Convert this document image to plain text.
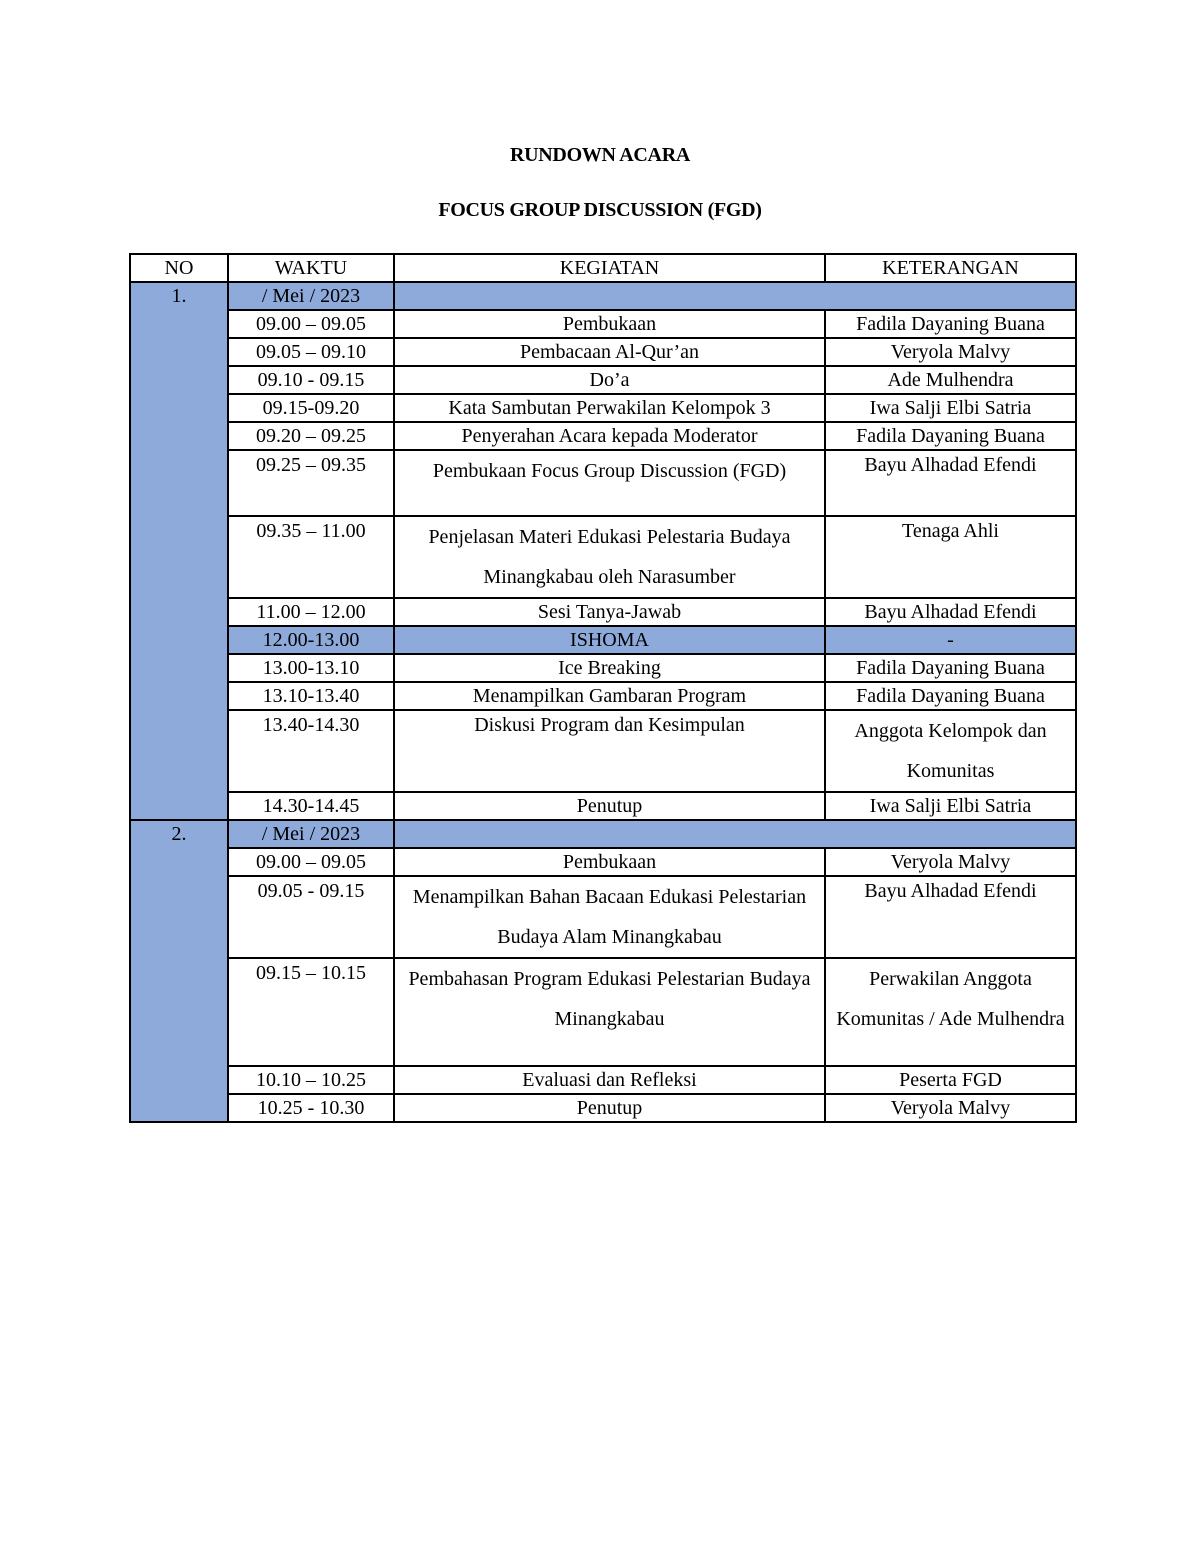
RUNDOWN ACARA
FOCUS GROUP DISCUSSION (FGD)
NO	WAKTU	KEGIATAN	KETERANGAN

1.	/ Mei / 2023		

	09.00 – 09.05	Pembukaan	Fadila Dayaning Buana

	09.05 – 09.10	Pembacaan Al-Qur’an	Veryola Malvy

	09.10 - 09.15	Do’a	Ade Mulhendra

	09.15-09.20	Kata Sambutan Perwakilan Kelompok 3	Iwa Salji Elbi Satria

	09.20 – 09.25	Penyerahan Acara kepada Moderator	Fadila Dayaning Buana

	09.25 – 09.35	Pembukaan Focus Group Discussion (FGD)	Bayu Alhadad Efendi

	09.35 – 11.00	Penjelasan Materi Edukasi Pelestaria Budaya Minangkabau oleh Narasumber	Tenaga Ahli

	11.00 – 12.00	Sesi Tanya-Jawab	Bayu Alhadad Efendi

	12.00-13.00	ISHOMA	-

	13.00-13.10	Ice Breaking	Fadila Dayaning Buana

	13.10-13.40	Menampilkan Gambaran Program	Fadila Dayaning Buana

	13.40-14.30	Diskusi Program dan Kesimpulan	Anggota Kelompok dan Komunitas

	14.30-14.45	Penutup	Iwa Salji Elbi Satria

2.	/ Mei / 2023		

	09.00 – 09.05	Pembukaan	Veryola Malvy

	09.05 - 09.15	Menampilkan Bahan Bacaan Edukasi Pelestarian Budaya Alam Minangkabau	Bayu Alhadad Efendi

	09.15 – 10.15	Pembahasan Program Edukasi Pelestarian Budaya Minangkabau	Perwakilan Anggota Komunitas / Ade Mulhendra

	10.10 – 10.25	Evaluasi dan Refleksi	Peserta FGD

	10.25 - 10.30	Penutup	Veryola Malvy
